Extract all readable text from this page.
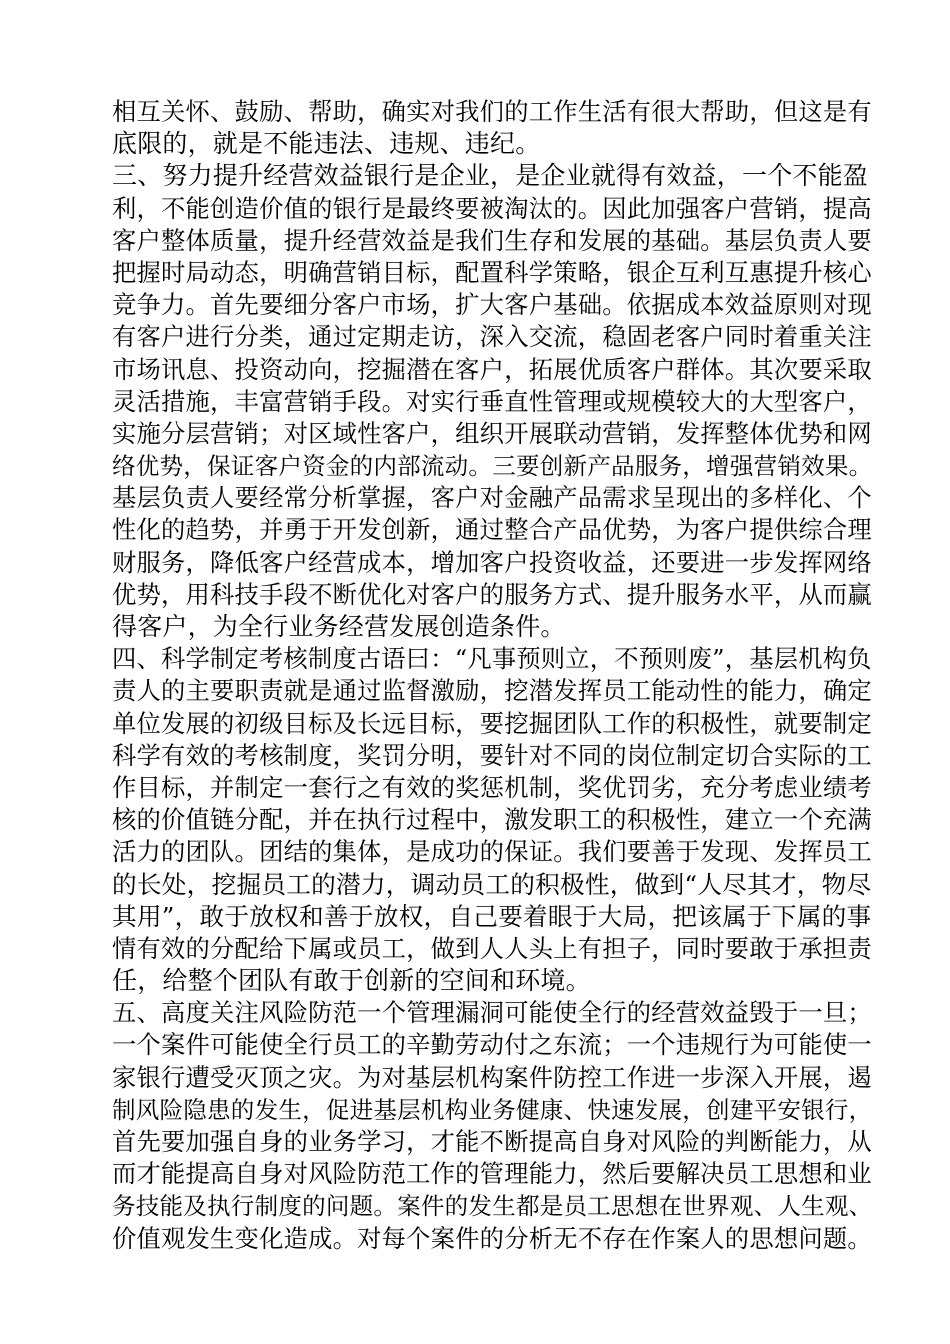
相互关怀、鼓励、帮助，确实对我们的工作生活有很大帮助，但这是有
底限的，就是不能违法、违规、违纪。
三、努力提升经营效益银行是企业，是企业就得有效益，一个不能盈
利，不能创造价值的银行是最终要被淘汰的。因此加强客户营销，提高
客户整体质量，提升经营效益是我们生存和发展的基础。基层负责人要
把握时局动态，明确营销目标，配置科学策略，银企互利互惠提升核心
竞争力。首先要细分客户市场，扩大客户基础。依据成本效益原则对现
有客户进行分类，通过定期走访，深入交流，稳固老客户同时着重关注
市场讯息、投资动向，挖掘潜在客户，拓展优质客户群体。其次要采取
灵活措施，丰富营销手段。对实行垂直性管理或规模较大的大型客户，
实施分层营销；对区域性客户，组织开展联动营销，发挥整体优势和网
络优势，保证客户资金的内部流动。三要创新产品服务，增强营销效果。
基层负责人要经常分析掌握，客户对金融产品需求呈现出的多样化、个
性化的趋势，并勇于开发创新，通过整合产品优势，为客户提供综合理
财服务，降低客户经营成本，增加客户投资收益，还要进一步发挥网络
优势，用科技手段不断优化对客户的服务方式、提升服务水平，从而赢
得客户，为全行业务经营发展创造条件。
四、科学制定考核制度古语曰：“凡事预则立，不预则废”，基层机构负
责人的主要职责就是通过监督激励，挖潜发挥员工能动性的能力，确定
单位发展的初级目标及长远目标，要挖掘团队工作的积极性，就要制定
科学有效的考核制度，奖罚分明，要针对不同的岗位制定切合实际的工
作目标，并制定一套行之有效的奖惩机制，奖优罚劣，充分考虑业绩考
核的价值链分配，并在执行过程中，激发职工的积极性，建立一个充满
活力的团队。团结的集体，是成功的保证。我们要善于发现、发挥员工
的长处，挖掘员工的潜力，调动员工的积极性，做到“人尽其才，物尽
其用”，敢于放权和善于放权，自己要着眼于大局，把该属于下属的事
情有效的分配给下属或员工，做到人人头上有担子，同时要敢于承担责
任，给整个团队有敢于创新的空间和环境。
五、高度关注风险防范一个管理漏洞可能使全行的经营效益毁于一旦；
一个案件可能使全行员工的辛勤劳动付之东流；一个违规行为可能使一
家银行遭受灭顶之灾。为对基层机构案件防控工作进一步深入开展，遏
制风险隐患的发生，促进基层机构业务健康、快速发展，创建平安银行，
首先要加强自身的业务学习，才能不断提高自身对风险的判断能力，从
而才能提高自身对风险防范工作的管理能力，然后要解决员工思想和业
务技能及执行制度的问题。案件的发生都是员工思想在世界观、人生观、
价值观发生变化造成。对每个案件的分析无不存在作案人的思想问题。
